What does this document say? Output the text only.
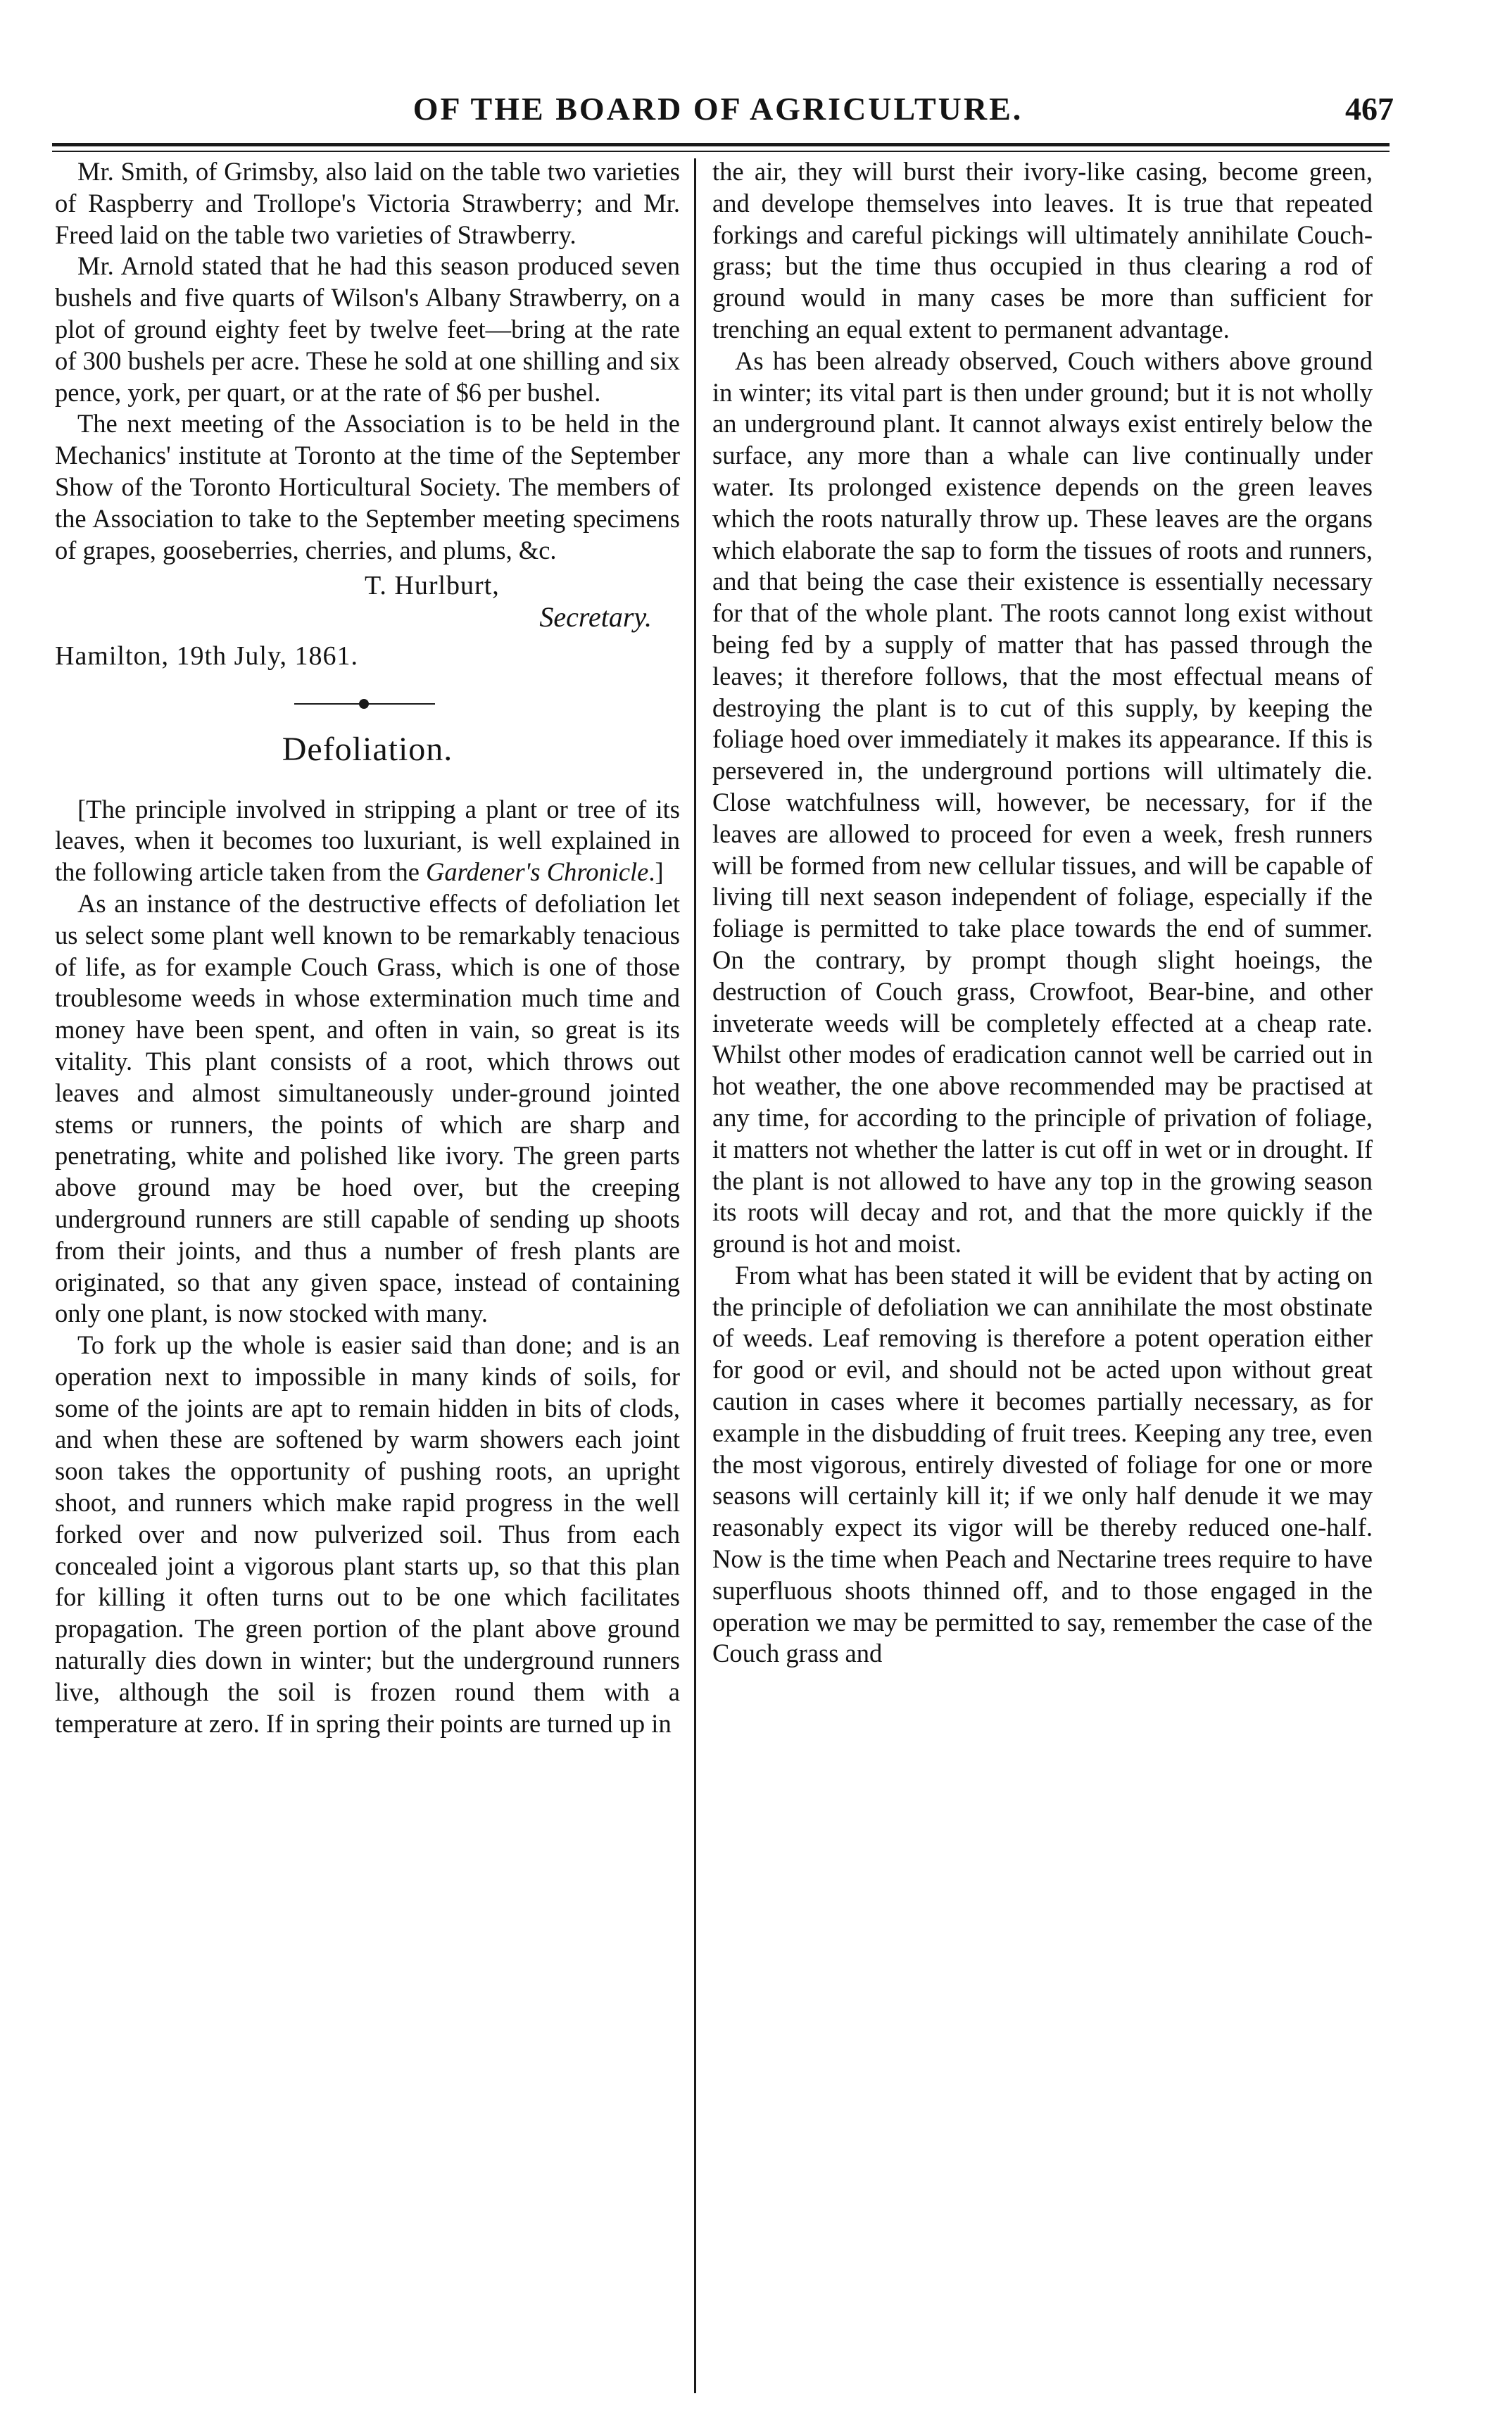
OF THE BOARD OF AGRICULTURE.	467

Mr. Smith, of Grimsby, also laid on the table two varieties of Raspberry and Trollope's Victoria Strawberry; and Mr. Freed laid on the table two varieties of Strawberry.

Mr. Arnold stated that he had this season produced seven bushels and five quarts of Wilson's Albany Strawberry, on a plot of ground eighty feet by twelve feet—bring at the rate of 300 bushels per acre. These he sold at one shilling and six pence, york, per quart, or at the rate of $6 per bushel.

The next meeting of the Association is to be held in the Mechanics' institute at Toronto at the time of the September Show of the Toronto Horticultural Society. The members of the Association to take to the September meeting specimens of grapes, gooseberries, cherries, and plums, &c.

T. Hurlburt,
Secretary.
Hamilton, 19th July, 1861.
Defoliation.

[The principle involved in stripping a plant or tree of its leaves, when it becomes too luxuriant, is well explained in the following article taken from the Gardener's Chronicle.]

As an instance of the destructive effects of defoliation let us select some plant well known to be remarkably tenacious of life, as for example Couch Grass, which is one of those troublesome weeds in whose extermination much time and money have been spent, and often in vain, so great is its vitality. This plant consists of a root, which throws out leaves and almost simultaneously under-ground jointed stems or runners, the points of which are sharp and penetrating, white and polished like ivory. The green parts above ground may be hoed over, but the creeping underground runners are still capable of sending up shoots from their joints, and thus a number of fresh plants are originated, so that any given space, instead of containing only one plant, is now stocked with many.

To fork up the whole is easier said than done; and is an operation next to impossible in many kinds of soils, for some of the joints are apt to remain hidden in bits of clods, and when these are softened by warm showers each joint soon takes the opportunity of pushing roots, an upright shoot, and runners which make rapid progress in the well forked over and now pulverized soil. Thus from each concealed joint a vigorous plant starts up, so that this plan for killing it often turns out to be one which facilitates propagation. The green portion of the plant above ground naturally dies down in winter; but the underground runners live, although the soil is frozen round them with a temperature at zero. If in spring their points are turned up in

the air, they will burst their ivory-like casing, become green, and develope themselves into leaves. It is true that repeated forkings and careful pickings will ultimately annihilate Couch-grass; but the time thus occupied in thus clearing a rod of ground would in many cases be more than sufficient for trenching an equal extent to permanent advantage.

As has been already observed, Couch withers above ground in winter; its vital part is then under ground; but it is not wholly an underground plant. It cannot always exist entirely below the surface, any more than a whale can live continually under water. Its prolonged existence depends on the green leaves which the roots naturally throw up. These leaves are the organs which elaborate the sap to form the tissues of roots and runners, and that being the case their existence is essentially necessary for that of the whole plant. The roots cannot long exist without being fed by a supply of matter that has passed through the leaves; it therefore follows, that the most effectual means of destroying the plant is to cut of this supply, by keeping the foliage hoed over immediately it makes its appearance. If this is persevered in, the underground portions will ultimately die. Close watchfulness will, however, be necessary, for if the leaves are allowed to proceed for even a week, fresh runners will be formed from new cellular tissues, and will be capable of living till next season independent of foliage, especially if the foliage is permitted to take place towards the end of summer. On the contrary, by prompt though slight hoeings, the destruction of Couch grass, Crowfoot, Bear-bine, and other inveterate weeds will be completely effected at a cheap rate. Whilst other modes of eradication cannot well be carried out in hot weather, the one above recommended may be practised at any time, for according to the principle of privation of foliage, it matters not whether the latter is cut off in wet or in drought. If the plant is not allowed to have any top in the growing season its roots will decay and rot, and that the more quickly if the ground is hot and moist.

From what has been stated it will be evident that by acting on the principle of defoliation we can annihilate the most obstinate of weeds. Leaf removing is therefore a potent operation either for good or evil, and should not be acted upon without great caution in cases where it becomes partially necessary, as for example in the disbudding of fruit trees. Keeping any tree, even the most vigorous, entirely divested of foliage for one or more seasons will certainly kill it; if we only half denude it we may reasonably expect its vigor will be thereby reduced one-half. Now is the time when Peach and Nectarine trees require to have superfluous shoots thinned off, and to those engaged in the operation we may be permitted to say, remember the case of the Couch grass and
